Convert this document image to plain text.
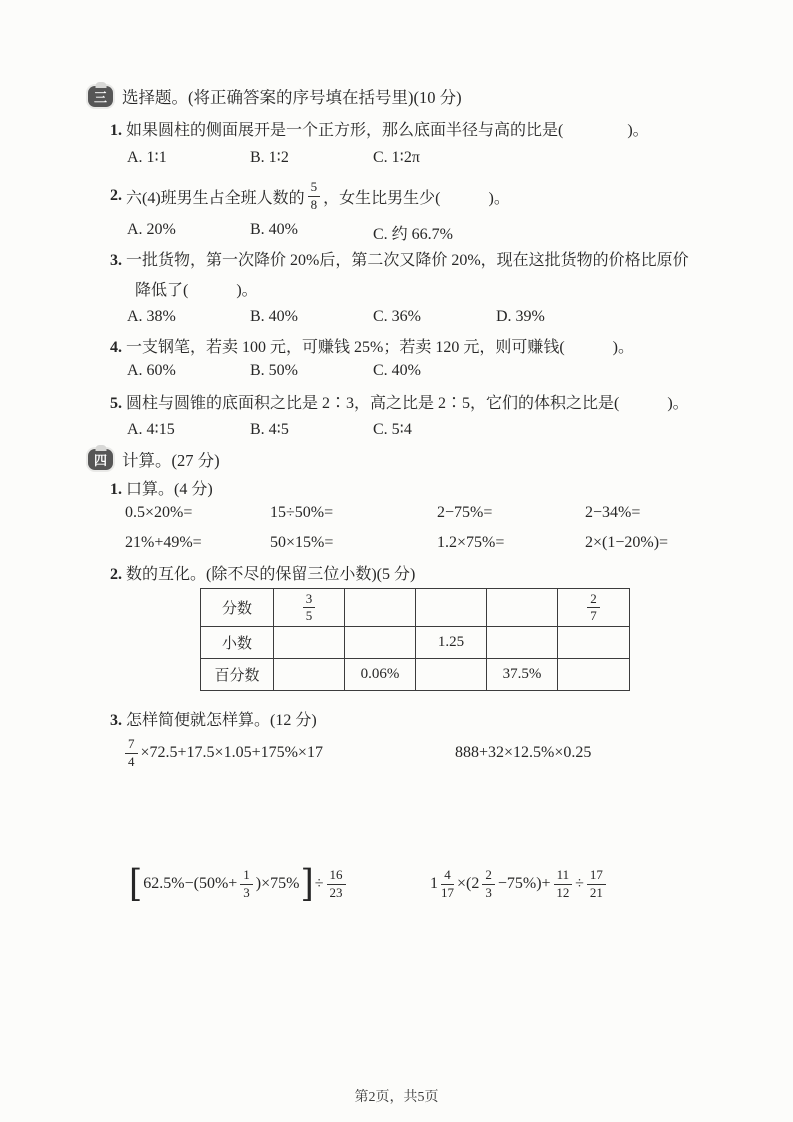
三 选择题。(将正确答案的序号填在括号里)(10 分)
1. 如果圆柱的侧面展开是一个正方形，那么底面半径与高的比是(　　　　)。
A. 1∶1	B. 1∶2	C. 1∶2π
2. 六(4)班男生占全班人数的 $\frac{5}{8}$ ，女生比男生少(　　　)。
A. 20%	B. 40%	C. 约 66.7%
3. 一批货物，第一次降价 20%后，第二次又降价 20%，现在这批货物的价格比原价
降低了(　　　)。
A. 38%	B. 40%	C. 36%	D. 39%
4. 一支钢笔，若卖 100 元，可赚钱 25%；若卖 120 元，则可赚钱(　　　)。
A. 60%	B. 50%	C. 40%
5. 圆柱与圆锥的底面积之比是 2∶3，高之比是 2∶5，它们的体积之比是(　　　)。
A. 4∶15	B. 4∶5	C. 5∶4
四 计算。(27 分)
1. 口算。(4 分)
0.5×20%=	15÷50%=	2−75%=	2−34%=
21%+49%=	50×15%=	1.2×75%=	2×(1−20%)=
2. 数的互化。(除不尽的保留三位小数)(5 分)
分数	$\frac{3}{5}$				$\frac{2}{7}$

小数			1.25		
百分数		0.06%		37.5%	
3. 怎样简便就怎样算。(12 分)
$\frac{7}{4} \times 72.5+17.5\times 1.05+175\%\times 17$	888+32×12.5%×0.25
[ $62.5\%-(50\%+ \frac{1}{3} )\times 75\%$ ] ÷ $\frac{16}{23}$	$1 \frac{4}{17} \times(2 \frac{2}{3} -75\%)+ \frac{11}{12} \div \frac{17}{21}$
第2页，共5页
